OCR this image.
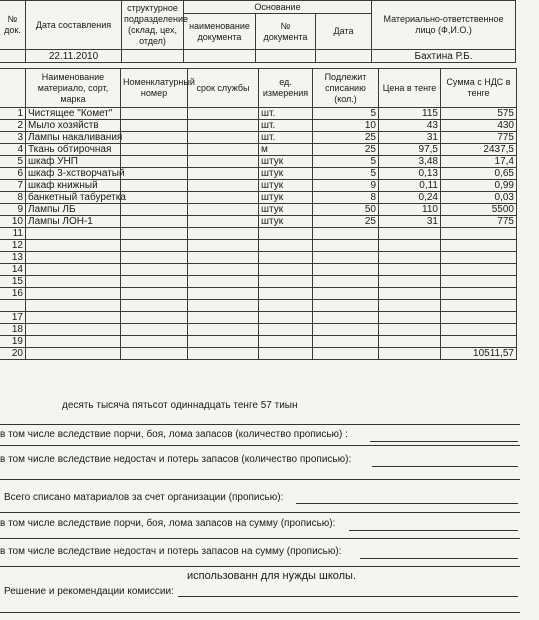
№ док.	Дата составления	структурное подразделение (склад, цех, отдел)	Основание			Материально-ответственное лицо (Ф,И.О.)
			наименование документа	№ документа	Дата	
	22.11.2010					Бахтина Р.Б.
	Наименование материало, сорт, марка	Номенклатурный номер	срок службы	ед. измерения	Подлежит списанию (кол.)	Цена в тенге	Сумма с НДС в тенге
1	Чистящее "Комет"			шт.	5	115	575
2	Мыло хозяйств			шт.	10	43	430
3	Лампы накаливания			шт.	25	31	775
4	Ткань обтирочная			м	25	97,5	2437,5
5	шкаф УНП			штук	5	3,48	17,4
6	шкаф 3-хстворчатый			штук	5	0,13	0,65
7	шкаф книжный			штук	9	0,11	0,99
8	банкетный табуретка			штук	8	0,24	0,03
9	Лампы ЛБ			штук	50	110	5500
10	Лампы ЛОН-1			штук	25	31	775
11							
12							
13							
14							
15							
16							

17							
18							
19							
20							10511,57
десять тысяча пятьсот одиннадцать тенге 57 тиын
в том числе вследствие порчи, боя, лома запасов (количество прописью) :
в том числе вследствие недостач и потерь запасов (количество прописью):
Всего списано матариалов за счет организации (прописью):
в том числе вследствие порчи, боя, лома запасов на сумму (прописью):
в том числе вследствие недостач и потерь запасов на сумму (прописью):
использованн для нужды школы.
Решение и рекомендации комиссии:
